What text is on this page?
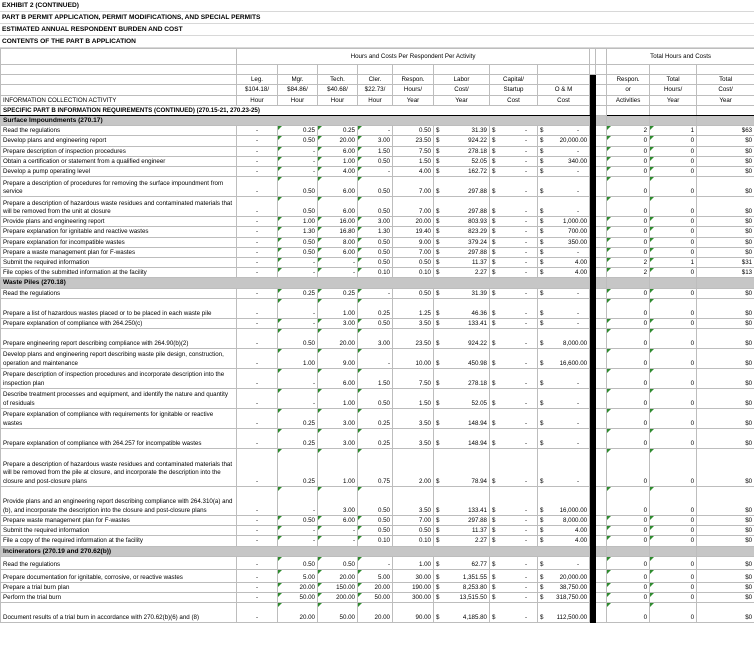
EXHIBIT 2 (CONTINUED)
PART B PERMIT APPLICATION, PERMIT MODIFICATIONS, AND SPECIAL PERMITS
ESTIMATED ANNUAL RESPONDENT BURDEN AND COST
CONTENTS OF THE PART B APPLICATION
	Hours and Costs Per Respondent Per Activity										Total Hours and Costs		

	Leg.	Mgr.	Tech.	Cler.	Respon.	Labor	Capital/				Respon.	Total	Total
	$104.18/	$84.86/	$40.68/	$22.73/	Hours/	Cost/	Startup	O & M			or	Hours/	Cost/
INFORMATION COLLECTION ACTIVITY	Hour	Hour	Hour	Hour	Year	Year	Cost	Cost			Activities	Year	Year
SPECIFIC PART B INFORMATION REQUIREMENTS (CONTINUED) (270.15-21, 270.23-25)													
Surface Impoundments (270.17)													
Read the regulations	-	0.25	0.25	-	0.50	$ 31.39	$ -	$ -			2	1	$63
Develop plans and engineering report	-	0.50	20.00	3.00	23.50	$ 924.22	$ -	$ 20,000.00			0	0	$0
Prepare description of inspection procedures	-	-	6.00	1.50	7.50	$ 278.18	$ -	$ -			0	0	$0
Obtain a certification or statement from a qualified engineer	-	-	1.00	0.50	1.50	$ 52.05	$ -	$ 340.00			0	0	$0
Develop a pump operating level	-	-	4.00	-	4.00	$ 162.72	$ -	$ -			0	0	$0
Prepare a description of procedures for removing the surface impoundment from service	-	0.50	6.00	0.50	7.00	$ 297.88	$ -	$ -			0	0	$0
Prepare a description of hazardous waste residues and contaminated materials that will be removed from the unit at closure	-	0.50	6.00	0.50	7.00	$ 297.88	$ -	$ -			0	0	$0
Provide plans and engineering report	-	1.00	16.00	3.00	20.00	$ 803.93	$ -	$ 1,000.00			0	0	$0
Prepare explanation for ignitable and reactive wastes	-	1.30	16.80	1.30	19.40	$ 823.29	$ -	$ 700.00			0	0	$0
Prepare explanation for incompatible wastes	-	0.50	8.00	0.50	9.00	$ 379.24	$ -	$ 350.00			0	0	$0
Prepare a waste management plan for F-wastes	-	0.50	6.00	0.50	7.00	$ 297.88	$ -	$ -			0	0	$0
Submit the required information	-	-	-	0.50	0.50	$ 11.37	$ -	$ 4.00			2	1	$31
File copies of the submitted information at the facility	-	-	-	0.10	0.10	$ 2.27	$ -	$ 4.00			2	0	$13
Waste Piles (270.18)													
Read the regulations	-	0.25	0.25	-	0.50	$ 31.39	$ -	$ -			0	0	$0
Prepare a list of hazardous wastes placed or to be placed in each waste pile	-	-	1.00	0.25	1.25	$ 46.36	$ -	$ -			0	0	$0
Prepare explanation of compliance with 264.250(c)	-	-	3.00	0.50	3.50	$ 133.41	$ -	$ -			0	0	$0
Prepare engineering report describing compliance with 264.90(b)(2)	-	0.50	20.00	3.00	23.50	$ 924.22	$ -	$ 8,000.00			0	0	$0
Develop plans and engineering report describing waste pile design, construction, operation and maintenance	-	1.00	9.00	-	10.00	$ 450.98	$ -	$ 16,600.00			0	0	$0
Prepare description of inspection procedures and incorporate description into the inspection plan	-	-	6.00	1.50	7.50	$ 278.18	$ -	$ -			0	0	$0
Describe treatment processes and equipment, and identify the nature and quantity of residuals	-	-	1.00	0.50	1.50	$ 52.05	$ -	$ -			0	0	$0
Prepare explanation of compliance with requirements for ignitable or reactive wastes	-	0.25	3.00	0.25	3.50	$ 148.94	$ -	$ -			0	0	$0
Prepare explanation of compliance with 264.257 for incompatible wastes	-	0.25	3.00	0.25	3.50	$ 148.94	$ -	$ -			0	0	$0
Prepare a description of hazardous waste residues and contaminated materials that will be removed from the pile at closure, and incorporate the description into the closure and post-closure plans	-	0.25	1.00	0.75	2.00	$ 78.94	$ -	$ -			0	0	$0
Provide plans and an engineering report describing compliance with 264.310(a) and (b), and incorporate the description into the closure and post-closure plans	-	-	3.00	0.50	3.50	$ 133.41	$ -	$ 16,000.00			0	0	$0
Prepare waste management plan for F-wastes	-	0.50	6.00	0.50	7.00	$ 297.88	$ -	$ 8,000.00			0	0	$0
Submit the required information	-	-	-	0.50	0.50	$ 11.37	$ -	$ 4.00			0	0	$0
File a copy of the required information at the facility	-	-	-	0.10	0.10	$ 2.27	$ -	$ 4.00			0	0	$0
Incinerators (270.19 and 270.62(b))													
Read the regulations	-	0.50	0.50	-	1.00	$ 62.77	$ -	$ -			0	0	$0
Prepare documentation for ignitable, corrosive, or reactive wastes	-	5.00	20.00	5.00	30.00	$ 1,351.55	$ -	$ 20,000.00			0	0	$0
Prepare a trial burn plan	-	20.00	150.00	20.00	190.00	$ 8,253.80	$ -	$ 38,750.00			0	0	$0
Perform the trial burn	-	50.00	200.00	50.00	300.00	$ 13,515.50	$ -	$ 318,750.00			0	0	$0
Document results of a trial burn in accordance with 270.62(b)(6) and (8)	-	20.00	50.00	20.00	90.00	$ 4,185.80	$ -	$ 112,500.00			0	0	$0
